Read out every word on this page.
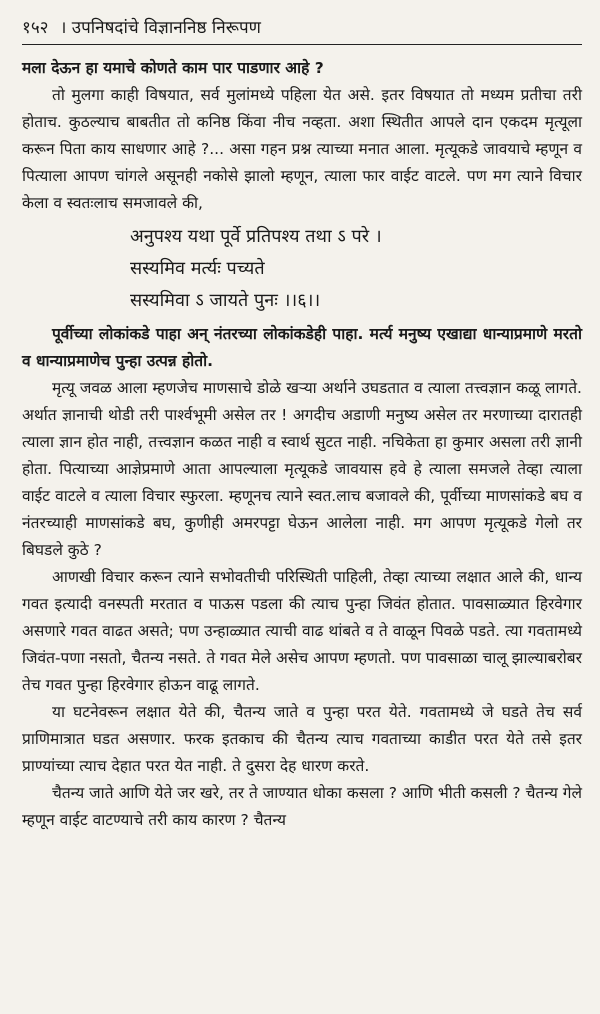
१५२ । उपनिषदांचे विज्ञाननिष्ठ निरूपण

मला देऊन हा यमाचे कोणते काम पार पाडणार आहे ?

तो मुलगा काही विषयात, सर्व मुलांमध्ये पहिला येत असे. इतर विषयात तो मध्यम प्रतीचा तरी होताच. कुठल्याच बाबतीत तो कनिष्ठ किंवा नीच नव्हता. अशा स्थितीत आपले दान एकदम मृत्यूला करून पिता काय साधणार आहे ?... असा गहन प्रश्न त्याच्या मनात आला. मृत्यूकडे जावयाचे म्हणून व पित्याला आपण चांगले असूनही नकोसे झालो म्हणून, त्याला फार वाईट वाटले. पण मग त्याने विचार केला व स्वतःलाच समजावले की,

अनुपश्य यथा पूर्वे प्रतिपश्य तथा ऽ परे ।
सस्यमिव मर्त्यः पच्यते
सस्यमिवा ऽ जायते पुनः ।।६।।

पूर्वीच्या लोकांकडे पाहा अन् नंतरच्या लोकांकडेही पाहा. मर्त्य मनुष्य एखाद्या धान्याप्रमाणे मरतो व धान्याप्रमाणेच पुन्हा उत्पन्न होतो.

मृत्यू जवळ आला म्हणजेच माणसाचे डोळे खऱ्या अर्थाने उघडतात व त्याला तत्त्वज्ञान कळू लागते. अर्थात ज्ञानाची थोडी तरी पार्श्वभूमी असेल तर ! अगदीच अडाणी मनुष्य असेल तर मरणाच्या दारातही त्याला ज्ञान होत नाही, तत्त्वज्ञान कळत नाही व स्वार्थ सुटत नाही. नचिकेता हा कुमार असला तरी ज्ञानी होता. पित्याच्या आज्ञेप्रमाणे आता आपल्याला मृत्यूकडे जावयास हवे हे त्याला समजले तेव्हा त्याला वाईट वाटले व त्याला विचार स्फुरला. म्हणूनच त्याने स्वत.लाच बजावले की, पूर्वीच्या माणसांकडे बघ व नंतरच्याही माणसांकडे बघ, कुणीही अमरपट्टा घेऊन आलेला नाही. मग आपण मृत्यूकडे गेलो तर बिघडले कुठे ?

आणखी विचार करून त्याने सभोवतीची परिस्थिती पाहिली, तेव्हा त्याच्या लक्षात आले की, धान्य गवत इत्यादी वनस्पती मरतात व पाऊस पडला की त्याच पुन्हा जिवंत होतात. पावसाळ्यात हिरवेगार असणारे गवत वाढत असते; पण उन्हाळ्यात त्याची वाढ थांबते व ते वाळून पिवळे पडते. त्या गवतामध्ये जिवंत-पणा नसतो, चैतन्य नसते. ते गवत मेले असेच आपण म्हणतो. पण पावसाळा चालू झाल्याबरोबर तेच गवत पुन्हा हिरवेगार होऊन वाढू लागते.

या घटनेवरून लक्षात येते की, चैतन्य जाते व पुन्हा परत येते. गवतामध्ये जे घडते तेच सर्व प्राणिमात्रात घडत असणार. फरक इतकाच की चैतन्य त्याच गवताच्या काडीत परत येते तसे इतर प्राण्यांच्या त्याच देहात परत येत नाही. ते दुसरा देह धारण करते.

चैतन्य जाते आणि येते जर खरे, तर ते जाण्यात धोका कसला ? आणि भीती कसली ? चैतन्य गेले म्हणून वाईट वाटण्याचे तरी काय कारण ? चैतन्य
